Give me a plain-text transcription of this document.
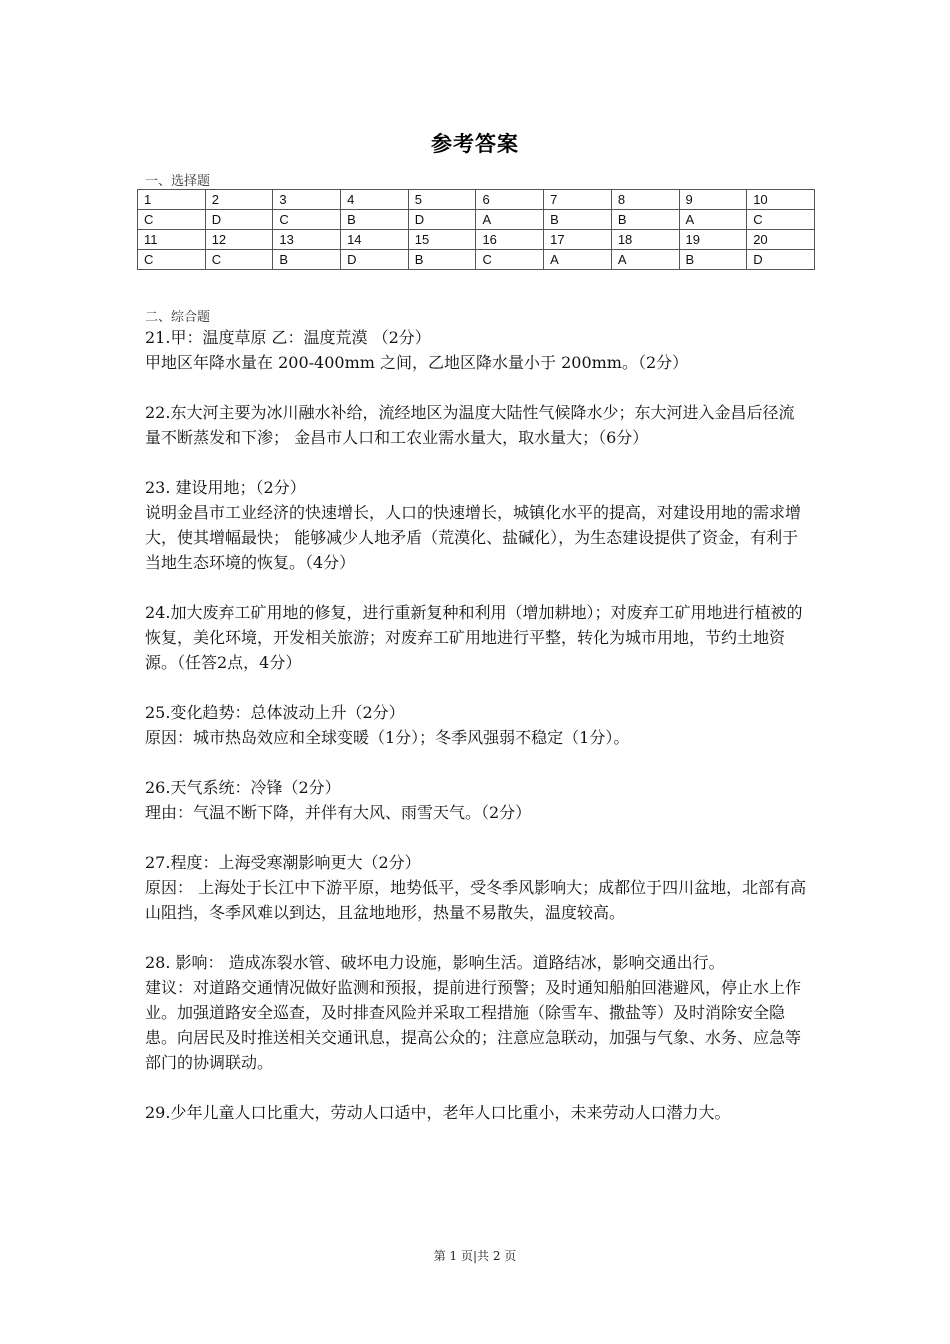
参考答案
一、选择题
1	2	3	4	5	6	7	8	9	10
C	D	C	B	D	A	B	B	A	C
11	12	13	14	15	16	17	18	19	20
C	C	B	D	B	C	A	A	B	D
二、综合题

21.甲：温度草原 乙：温度荒漠 （2分）

甲地区年降水量在 200-400mm 之间，乙地区降水量小于 200mm。（2分）

22.东大河主要为冰川融水补给，流经地区为温度大陆性气候降水少；东大河进入金昌后径流量不断蒸发和下渗； 金昌市人口和工农业需水量大，取水量大；（6分）

23. 建设用地；（2分）

说明金昌市工业经济的快速增长，人口的快速增长，城镇化水平的提高，对建设用地的需求增大，使其增幅最快； 能够减少人地矛盾（荒漠化、盐碱化），为生态建设提供了资金，有利于当地生态环境的恢复。（4分）

24.加大废弃工矿用地的修复，进行重新复种和利用（增加耕地）；对废弃工矿用地进行植被的恢复，美化环境，开发相关旅游；对废弃工矿用地进行平整，转化为城市用地，节约土地资源。（任答2点，4分）

25.变化趋势：总体波动上升（2分）

原因：城市热岛效应和全球变暖（1分）；冬季风强弱不稳定（1分）。

26.天气系统：冷锋（2分）

理由：气温不断下降，并伴有大风、雨雪天气。（2分）

27.程度：上海受寒潮影响更大（2分）

原因： 上海处于长江中下游平原，地势低平，受冬季风影响大；成都位于四川盆地，北部有高山阻挡，冬季风难以到达，且盆地地形，热量不易散失，温度较高。

28. 影响： 造成冻裂水管、破坏电力设施，影响生活。道路结冰，影响交通出行。

建议：对道路交通情况做好监测和预报，提前进行预警；及时通知船舶回港避风，停止水上作业。加强道路安全巡查，及时排查风险并采取工程措施（除雪车、撒盐等）及时消除安全隐患。向居民及时推送相关交通讯息，提高公众的；注意应急联动，加强与气象、水务、应急等部门的协调联动。

29.少年儿童人口比重大，劳动人口适中，老年人口比重小，未来劳动人口潜力大。

第 1 页|共 2 页
